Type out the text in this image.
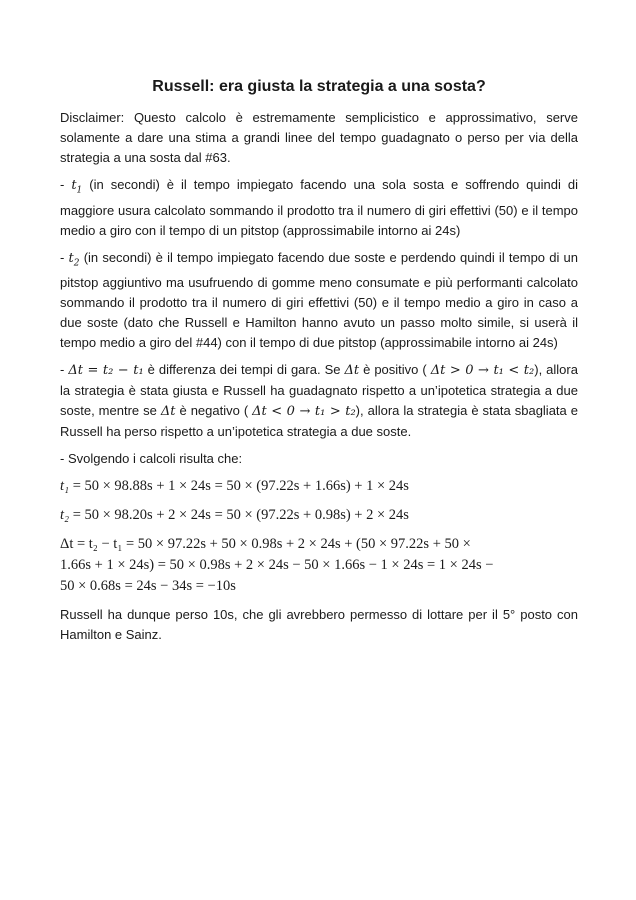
Russell: era giusta la strategia a una sosta?

Disclaimer: Questo calcolo è estremamente semplicistico e approssimativo, serve solamente a dare una stima a grandi linee del tempo guadagnato o perso per via della strategia a una sosta dal #63.

- $t_1$ (in secondi) è il tempo impiegato facendo una sola sosta e soffrendo quindi di maggiore usura calcolato sommando il prodotto tra il numero di giri effettivi (50) e il tempo medio a giro con il tempo di un pitstop (approssimabile intorno ai 24s)

- $t_2$ (in secondi) è il tempo impiegato facendo due soste e perdendo quindi il tempo di un pitstop aggiuntivo ma usufruendo di gomme meno consumate e più performanti calcolato sommando il prodotto tra il numero di giri effettivi (50) e il tempo medio a giro in caso a due soste (dato che Russell e Hamilton hanno avuto un passo molto simile, si userà il tempo medio a giro del #44) con il tempo di due pitstop (approssimabile intorno ai 24s)

- Δt = t₂ − t₁ è differenza dei tempi di gara. Se Δt è positivo ( Δt > 0 → t₁ < t₂), allora la strategia è stata giusta e Russell ha guadagnato rispetto a un’ipotetica strategia a due soste, mentre se Δt è negativo ( Δt < 0 → t₁ > t₂), allora la strategia è stata sbagliata e Russell ha perso rispetto a un’ipotetica strategia a due soste.

- Svolgendo i calcoli risulta che:

t₁ = 50 × 98.88s + 1 × 24s = 50 × (97.22s + 1.66s) + 1 × 24s
t₂ = 50 × 98.20s + 2 × 24s = 50 × (97.22s + 0.98s) + 2 × 24s
Δt = t₂ − t₁ = 50 × 97.22s + 50 × 0.98s + 2 × 24s + (50 × 97.22s + 50 ×
1.66s + 1 × 24s) = 50 × 0.98s + 2 × 24s − 50 × 1.66s − 1 × 24s = 1 × 24s −
50 × 0.68s = 24s − 34s = −10s

Russell ha dunque perso 10s, che gli avrebbero permesso di lottare per il 5° posto con Hamilton e Sainz.
